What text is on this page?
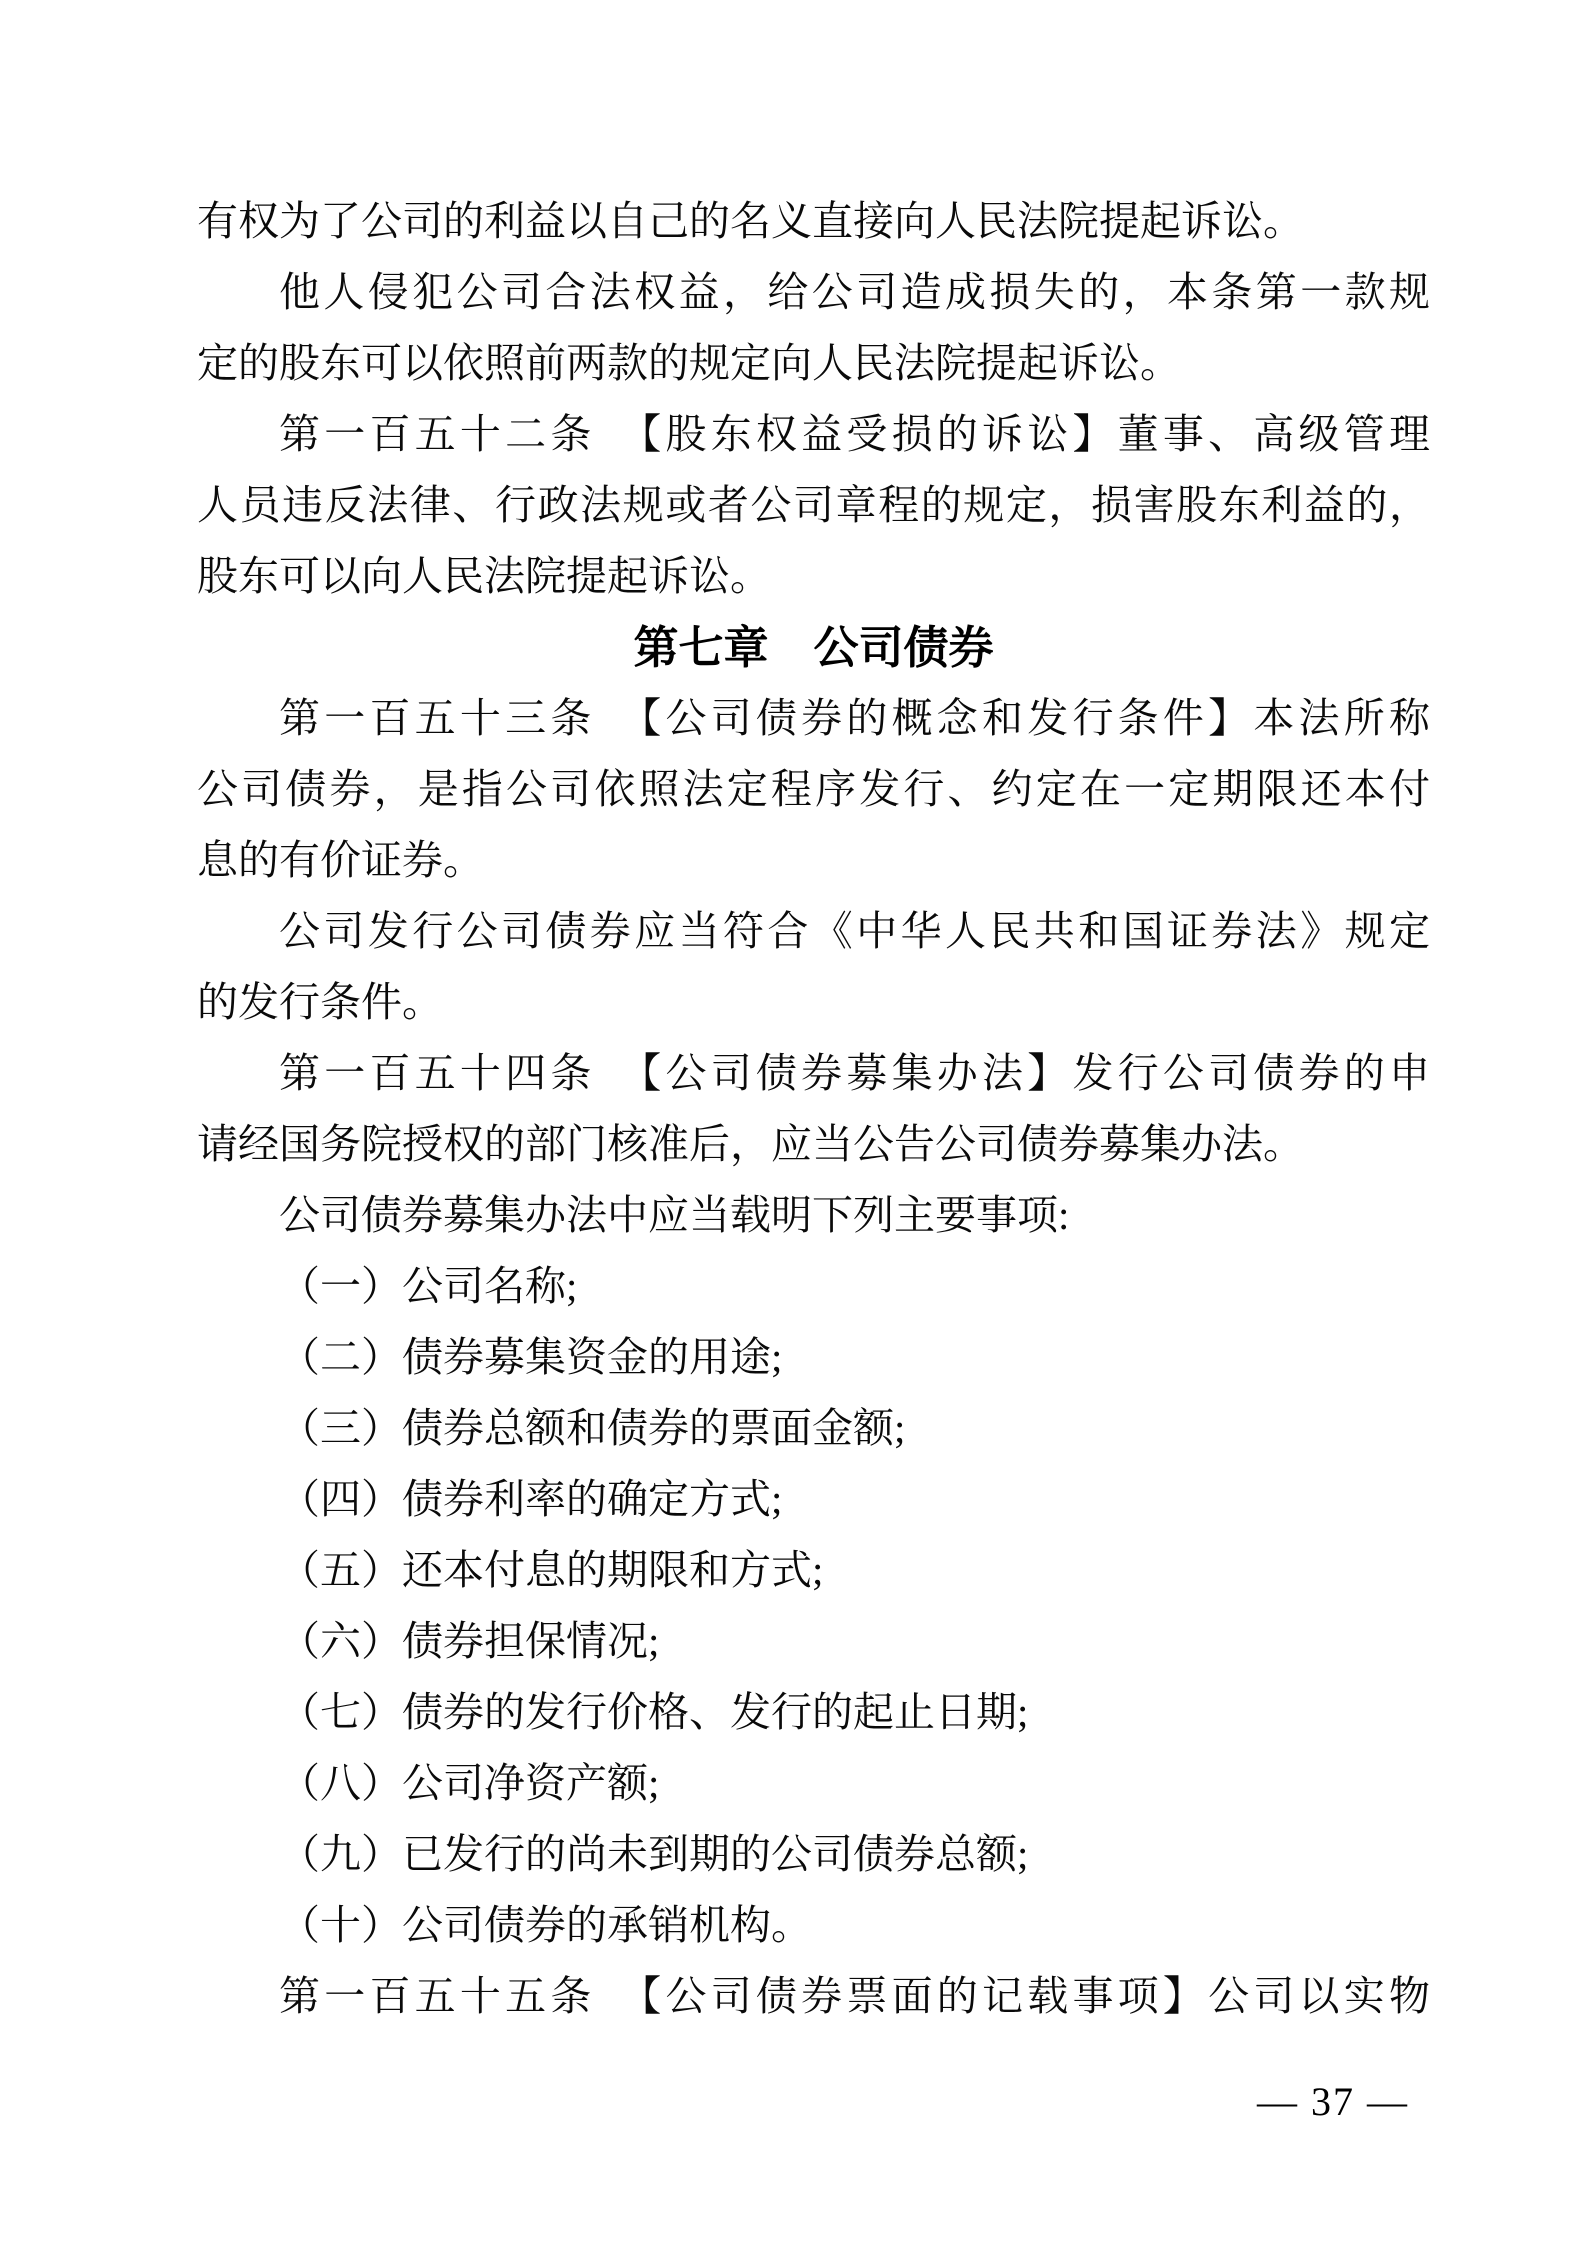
有权为了公司的利益以自己的名义直接向人民法院提起诉讼。
他人侵犯公司合法权益，给公司造成损失的，本条第一款规
定的股东可以依照前两款的规定向人民法院提起诉讼。
第一百五十二条　【股东权益受损的诉讼】董事、高级管理
人员违反法律、行政法规或者公司章程的规定，损害股东利益的，
股东可以向人民法院提起诉讼。
第七章　公司债券
第一百五十三条　【公司债券的概念和发行条件】本法所称
公司债券，是指公司依照法定程序发行、约定在一定期限还本付
息的有价证券。
公司发行公司债券应当符合《中华人民共和国证券法》规定
的发行条件。
第一百五十四条　【公司债券募集办法】发行公司债券的申
请经国务院授权的部门核准后，应当公告公司债券募集办法。
公司债券募集办法中应当载明下列主要事项:
（一）公司名称;
（二）债券募集资金的用途;
（三）债券总额和债券的票面金额;
（四）债券利率的确定方式;
（五）还本付息的期限和方式;
（六）债券担保情况;
（七）债券的发行价格、发行的起止日期;
（八）公司净资产额;
（九）已发行的尚未到期的公司债券总额;
（十）公司债券的承销机构。
第一百五十五条　【公司债券票面的记载事项】公司以实物
— 37 —
